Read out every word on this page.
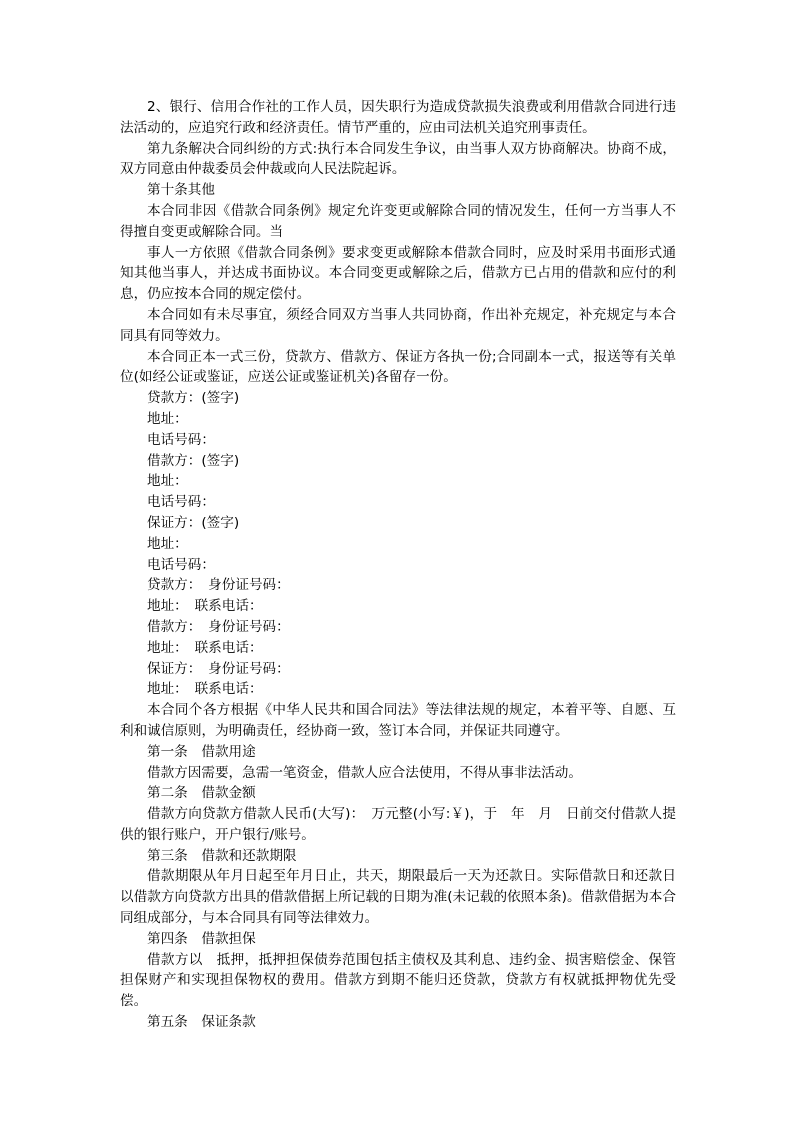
2、银行、信用合作社的工作人员，因失职行为造成贷款损失浪费或利用借款合同进行违法活动的，应追究行政和经济责任。情节严重的，应由司法机关追究刑事责任。

第九条解决合同纠纷的方式:执行本合同发生争议，由当事人双方协商解决。协商不成，双方同意由仲裁委员会仲裁或向人民法院起诉。

第十条其他

本合同非因《借款合同条例》规定允许变更或解除合同的情况发生，任何一方当事人不得擅自变更或解除合同。当

事人一方依照《借款合同条例》要求变更或解除本借款合同时，应及时采用书面形式通知其他当事人，并达成书面协议。本合同变更或解除之后，借款方已占用的借款和应付的利息，仍应按本合同的规定偿付。

本合同如有未尽事宜，须经合同双方当事人共同协商，作出补充规定，补充规定与本合同具有同等效力。

本合同正本一式三份，贷款方、借款方、保证方各执一份;合同副本一式，报送等有关单位(如经公证或鉴证，应送公证或鉴证机关)各留存一份。

贷款方：(签字)

地址：

电话号码：

借款方：(签字)

地址：

电话号码：

保证方：(签字)

地址：

电话号码：

贷款方：　身份证号码：

地址：　联系电话：

借款方：　身份证号码：

地址：　联系电话：

保证方：　身份证号码：

地址：　联系电话：

本合同个各方根据《中华人民共和国合同法》等法律法规的规定，本着平等、自愿、互利和诚信原则，为明确责任，经协商一致，签订本合同，并保证共同遵守。

第一条　借款用途

借款方因需要，急需一笔资金，借款人应合法使用，不得从事非法活动。

第二条　借款金额

借款方向贷款方借款人民币(大写)：　万元整(小写:￥)，于　年　月　日前交付借款人提供的银行账户，开户银行/账号。

第三条　借款和还款期限

借款期限从年月日起至年月日止，共天，期限最后一天为还款日。实际借款日和还款日以借款方向贷款方出具的借款借据上所记载的日期为准(未记载的依照本条)。借款借据为本合同组成部分，与本合同具有同等法律效力。

第四条　借款担保

借款方以　抵押，抵押担保债券范围包括主债权及其利息、违约金、损害赔偿金、保管担保财产和实现担保物权的费用。借款方到期不能归还贷款，贷款方有权就抵押物优先受偿。

第五条　保证条款
